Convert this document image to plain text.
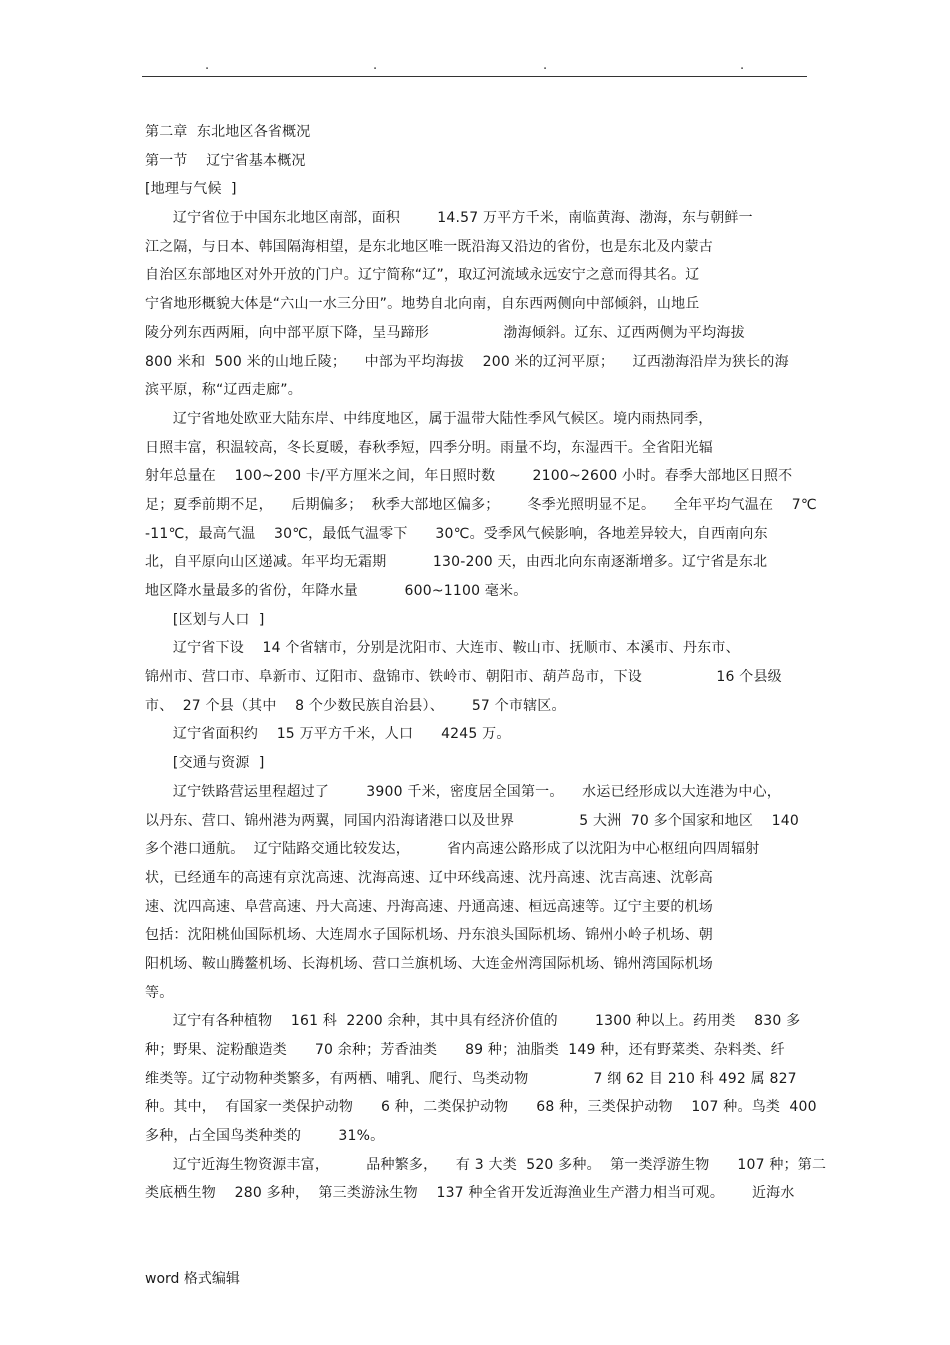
.	.	.	.
第二章  东北地区各省概况
第一节    辽宁省基本概况
[地理与气候  ]
辽宁省位于中国东北地区南部，面积        14.57 万平方千米，南临黄海、渤海，东与朝鲜一
江之隔，与日本、韩国隔海相望，是东北地区唯一既沿海又沿边的省份，也是东北及内蒙古
自治区东部地区对外开放的门户。辽宁简称“辽”，取辽河流域永远安宁之意而得其名。辽
宁省地形概貌大体是“六山一水三分田”。地势自北向南，自东西两侧向中部倾斜，山地丘
陵分列东西两厢，向中部平原下降，呈马蹄形                渤海倾斜。辽东、辽西两侧为平均海拔
800 米和  500 米的山地丘陵；    中部为平均海拔    200 米的辽河平原；    辽西渤海沿岸为狭长的海
滨平原，称“辽西走廊”。
辽宁省地处欧亚大陆东岸、中纬度地区，属于温带大陆性季风气候区。境内雨热同季，
日照丰富，积温较高，冬长夏暖，春秋季短，四季分明。雨量不均，东湿西干。全省阳光辐
射年总量在    100~200 卡/平方厘米之间，年日照时数        2100~2600 小时。春季大部地区日照不
足；夏季前期不足，    后期偏多；  秋季大部地区偏多；      冬季光照明显不足。    全年平均气温在    7℃
-11℃，最高气温    30℃，最低气温零下      30℃。受季风气候影响，各地差异较大，自西南向东
北，自平原向山区递减。年平均无霜期          130-200 天，由西北向东南逐渐增多。辽宁省是东北
地区降水量最多的省份，年降水量          600~1100 毫米。
[区划与人口  ]
辽宁省下设    14 个省辖市，分别是沈阳市、大连市、鞍山市、抚顺市、本溪市、丹东市、
锦州市、营口市、阜新市、辽阳市、盘锦市、铁岭市、朝阳市、葫芦岛市，下设                16 个县级
市、  27 个县（其中    8 个少数民族自治县）、      57 个市辖区。
辽宁省面积约    15 万平方千米，人口      4245 万。
[交通与资源  ]
辽宁铁路营运里程超过了        3900 千米，密度居全国第一。    水运已经形成以大连港为中心，
以丹东、营口、锦州港为两翼，同国内沿海诸港口以及世界              5 大洲  70 多个国家和地区    140
多个港口通航。  辽宁陆路交通比较发达，        省内高速公路形成了以沈阳为中心枢纽向四周辐射
状，已经通车的高速有京沈高速、沈海高速、辽中环线高速、沈丹高速、沈吉高速、沈彰高
速、沈四高速、阜营高速、丹大高速、丹海高速、丹通高速、桓远高速等。辽宁主要的机场
包括：沈阳桃仙国际机场、大连周水子国际机场、丹东浪头国际机场、锦州小岭子机场、朝
阳机场、鞍山腾鳌机场、长海机场、营口兰旗机场、大连金州湾国际机场、锦州湾国际机场
等。
辽宁有各种植物    161 科  2200 余种，其中具有经济价值的        1300 种以上。药用类    830 多
种；野果、淀粉酿造类      70 余种；芳香油类      89 种；油脂类  149 种，还有野菜类、杂料类、纤
维类等。辽宁动物种类繁多，有两栖、哺乳、爬行、鸟类动物              7 纲 62 目 210 科 492 属 827
种。其中，  有国家一类保护动物      6 种，二类保护动物      68 种，三类保护动物    107 种。鸟类  400
多种，占全国鸟类种类的        31%。
辽宁近海生物资源丰富，        品种繁多，    有 3 大类  520 多种。  第一类浮游生物      107 种；第二
类底栖生物    280 多种，  第三类游泳生物    137 种全省开发近海渔业生产潜力相当可观。      近海水
word 格式编辑
